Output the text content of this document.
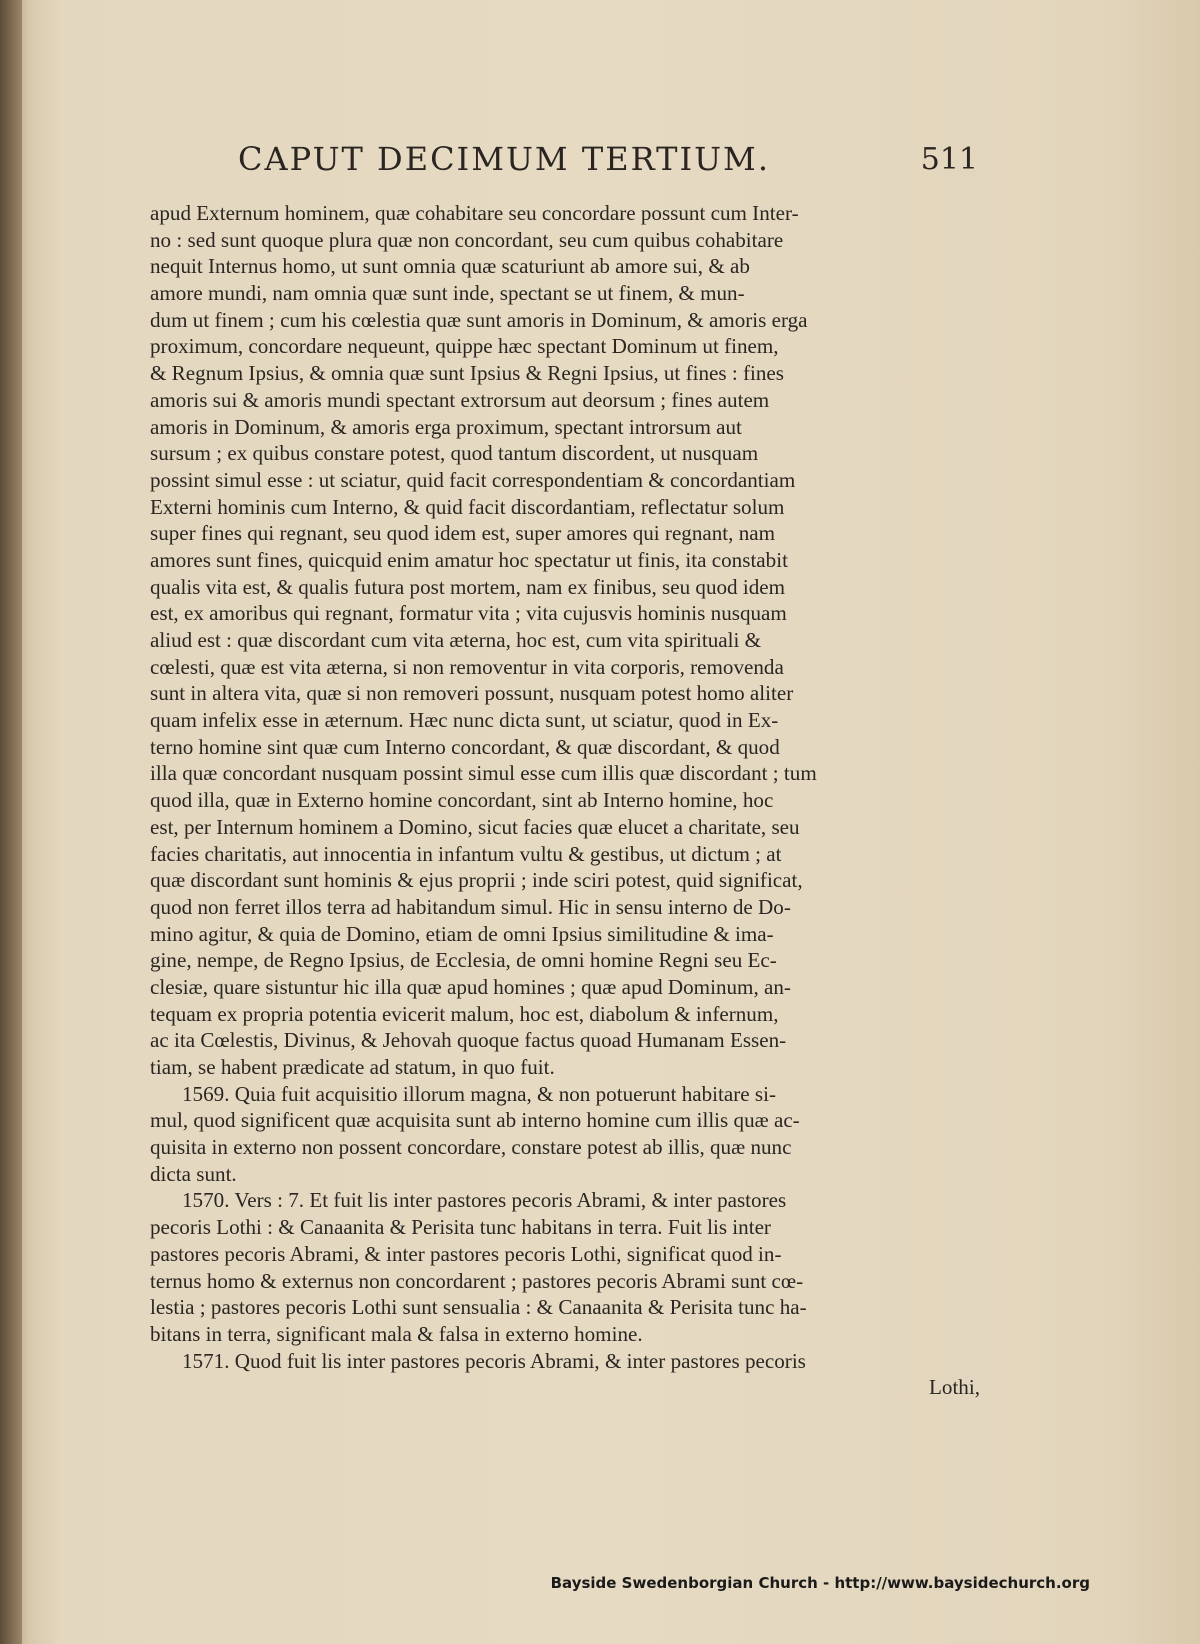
CAPUT DECIMUM TERTIUM.	511
apud Externum hominem, quæ cohabitare seu concordare possunt cum Inter-
no : sed sunt quoque plura quæ non concordant, seu cum quibus cohabitare
nequit Internus homo, ut sunt omnia quæ scaturiunt ab amore sui, & ab
amore mundi, nam omnia quæ sunt inde, spectant se ut finem, & mun-
dum ut finem ; cum his cœlestia quæ sunt amoris in Dominum, & amoris erga
proximum, concordare nequeunt, quippe hæc spectant Dominum ut finem,
& Regnum Ipsius, & omnia quæ sunt Ipsius & Regni Ipsius, ut fines : fines
amoris sui & amoris mundi spectant extrorsum aut deorsum ; fines autem
amoris in Dominum, & amoris erga proximum, spectant introrsum aut
sursum ; ex quibus constare potest, quod tantum discordent, ut nusquam
possint simul esse : ut sciatur, quid facit correspondentiam & concordantiam
Externi hominis cum Interno, & quid facit discordantiam, reflectatur solum
super fines qui regnant, seu quod idem est, super amores qui regnant, nam
amores sunt fines, quicquid enim amatur hoc spectatur ut finis, ita constabit
qualis vita est, & qualis futura post mortem, nam ex finibus, seu quod idem
est, ex amoribus qui regnant, formatur vita ; vita cujusvis hominis nusquam
aliud est : quæ discordant cum vita æterna, hoc est, cum vita spirituali &
cœlesti, quæ est vita æterna, si non removentur in vita corporis, removenda
sunt in altera vita, quæ si non removeri possunt, nusquam potest homo aliter
quam infelix esse in æternum. Hæc nunc dicta sunt, ut sciatur, quod in Ex-
terno homine sint quæ cum Interno concordant, & quæ discordant, & quod
illa quæ concordant nusquam possint simul esse cum illis quæ discordant ; tum
quod illa, quæ in Externo homine concordant, sint ab Interno homine, hoc
est, per Internum hominem a Domino, sicut facies quæ elucet a charitate, seu
facies charitatis, aut innocentia in infantum vultu & gestibus, ut dictum ; at
quæ discordant sunt hominis & ejus proprii ; inde sciri potest, quid significat,
quod non ferret illos terra ad habitandum simul. Hic in sensu interno de Do-
mino agitur, & quia de Domino, etiam de omni Ipsius similitudine & ima-
gine, nempe, de Regno Ipsius, de Ecclesia, de omni homine Regni seu Ec-
clesiæ, quare sistuntur hic illa quæ apud homines ; quæ apud Dominum, an-
tequam ex propria potentia evicerit malum, hoc est, diabolum & infernum,
ac ita Cœlestis, Divinus, & Jehovah quoque factus quoad Humanam Essen-
tiam, se habent prædicate ad statum, in quo fuit.
1569. Quia fuit acquisitio illorum magna, & non potuerunt habitare si-
mul, quod significent quæ acquisita sunt ab interno homine cum illis quæ ac-
quisita in externo non possent concordare, constare potest ab illis, quæ nunc
dicta sunt.
1570. Vers : 7. Et fuit lis inter pastores pecoris Abrami, & inter pastores
pecoris Lothi : & Canaanita & Perisita tunc habitans in terra. Fuit lis inter
pastores pecoris Abrami, & inter pastores pecoris Lothi, significat quod in-
ternus homo & externus non concordarent ; pastores pecoris Abrami sunt cœ-
lestia ; pastores pecoris Lothi sunt sensualia : & Canaanita & Perisita tunc ha-
bitans in terra, significant mala & falsa in externo homine.
1571. Quod fuit lis inter pastores pecoris Abrami, & inter pastores pecoris
Lothi,
Bayside Swedenborgian Church - http://www.baysidechurch.org
